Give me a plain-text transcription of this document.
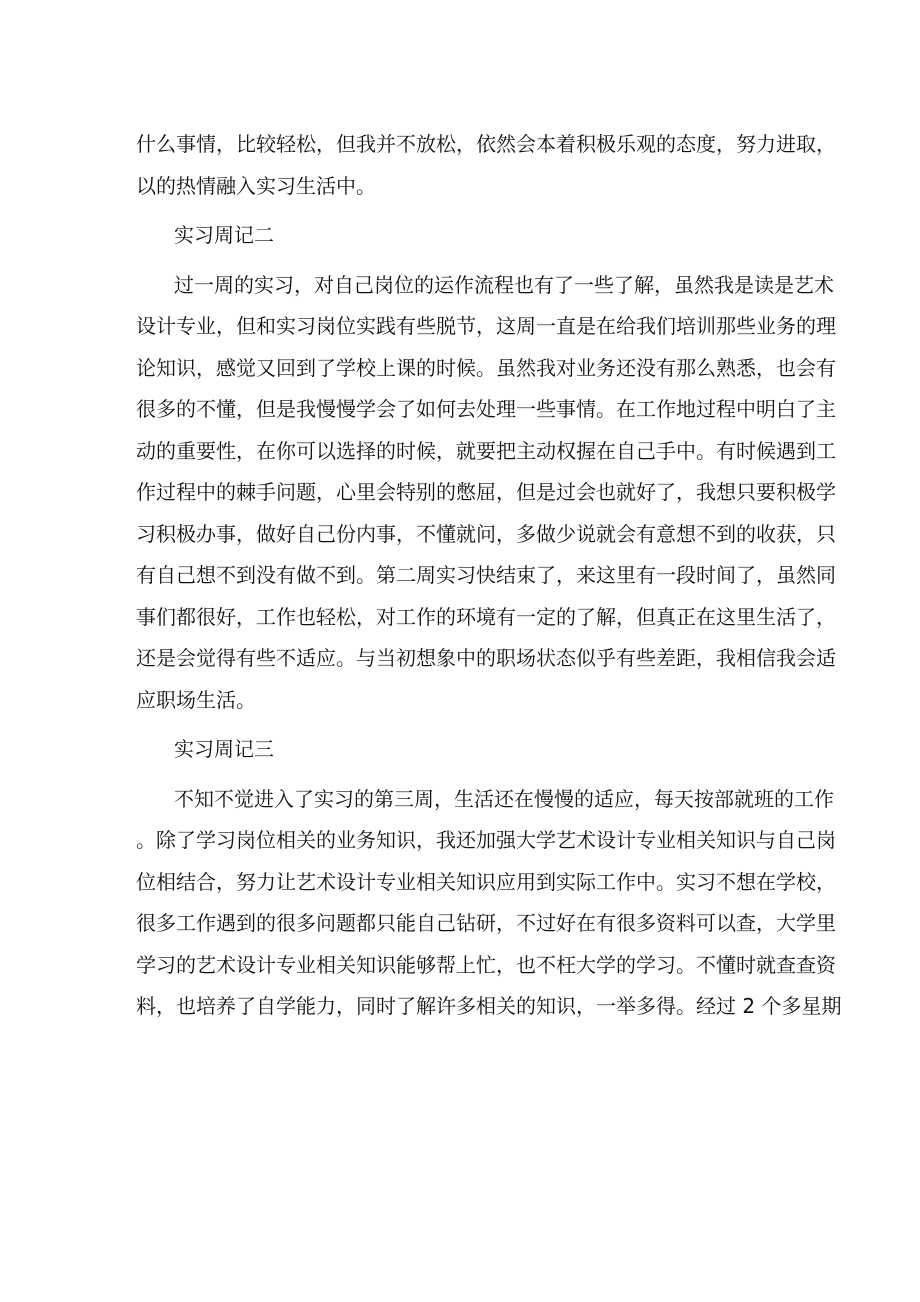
什么事情，比较轻松，但我并不放松，依然会本着积极乐观的态度，努力进取，
以的热情融入实习生活中。
实习周记二
过一周的实习，对自己岗位的运作流程也有了一些了解，虽然我是读是艺术
设计专业，但和实习岗位实践有些脱节，这周一直是在给我们培训那些业务的理
论知识，感觉又回到了学校上课的时候。虽然我对业务还没有那么熟悉，也会有
很多的不懂，但是我慢慢学会了如何去处理一些事情。在工作地过程中明白了主
动的重要性，在你可以选择的时候，就要把主动权握在自己手中。有时候遇到工
作过程中的棘手问题，心里会特别的憋屈，但是过会也就好了，我想只要积极学
习积极办事，做好自己份内事，不懂就问，多做少说就会有意想不到的收获，只
有自己想不到没有做不到。第二周实习快结束了，来这里有一段时间了，虽然同
事们都很好，工作也轻松，对工作的环境有一定的了解，但真正在这里生活了，
还是会觉得有些不适应。与当初想象中的职场状态似乎有些差距，我相信我会适
应职场生活。
实习周记三
不知不觉进入了实习的第三周，生活还在慢慢的适应，每天按部就班的工作
。除了学习岗位相关的业务知识，我还加强大学艺术设计专业相关知识与自己岗
位相结合，努力让艺术设计专业相关知识应用到实际工作中。实习不想在学校，
很多工作遇到的很多问题都只能自己钻研，不过好在有很多资料可以查，大学里
学习的艺术设计专业相关知识能够帮上忙，也不枉大学的学习。不懂时就查查资
料，也培养了自学能力，同时了解许多相关的知识，一举多得。经过 2 个多星期
